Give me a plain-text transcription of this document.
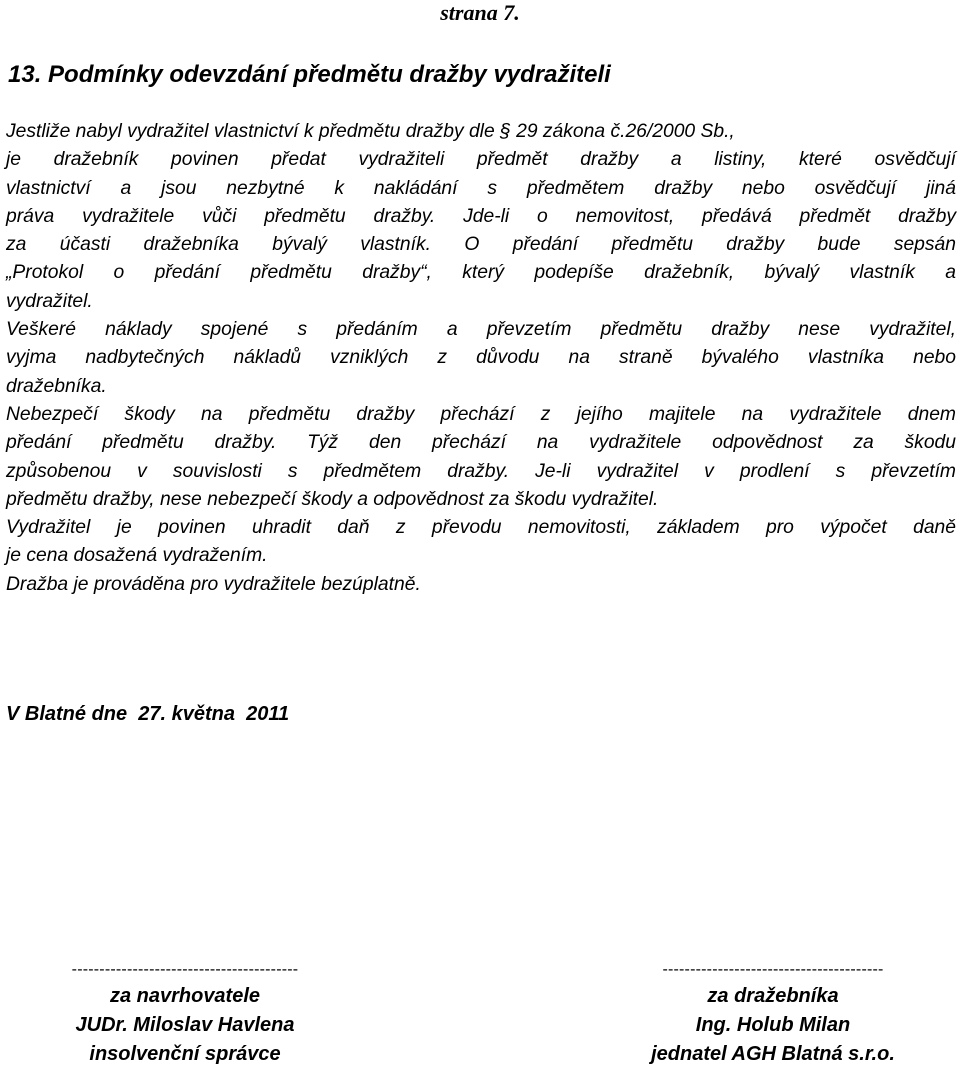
strana 7.
13. Podmínky odevzdání předmětu dražby vydražiteli
Jestliže nabyl vydražitel vlastnictví k předmětu dražby dle § 29 zákona č.26/2000 Sb.,
je dražebník povinen předat vydražiteli předmět dražby a listiny, které osvědčují
vlastnictví a jsou nezbytné k nakládání s předmětem dražby nebo osvědčují jiná
práva vydražitele vůči předmětu dražby. Jde-li o nemovitost, předává předmět dražby
za účasti dražebníka bývalý vlastník. O předání předmětu dražby bude sepsán
„Protokol o předání předmětu dražby“, který podepíše dražebník, bývalý vlastník a
vydražitel.
Veškeré náklady spojené s předáním a převzetím předmětu dražby nese vydražitel,
vyjma nadbytečných nákladů vzniklých z důvodu na straně bývalého vlastníka nebo
dražebníka.
Nebezpečí škody na předmětu dražby přechází z jejího majitele na vydražitele dnem
předání předmětu dražby. Týž den přechází na vydražitele odpovědnost za škodu
způsobenou v souvislosti s předmětem dražby. Je-li vydražitel v prodlení s převzetím
předmětu dražby, nese nebezpečí škody a odpovědnost za škodu vydražitel.
Vydražitel je povinen uhradit daň z převodu nemovitosti, základem pro výpočet daně
je cena dosažená vydražením.
Dražba je prováděna pro vydražitele bezúplatně.
V Blatné dne  27. května  2011
-----------------------------------------
za navrhovatele
JUDr. Miloslav Havlena
insolvenční správce
----------------------------------------
za dražebníka
Ing. Holub Milan
jednatel AGH Blatná s.r.o.
